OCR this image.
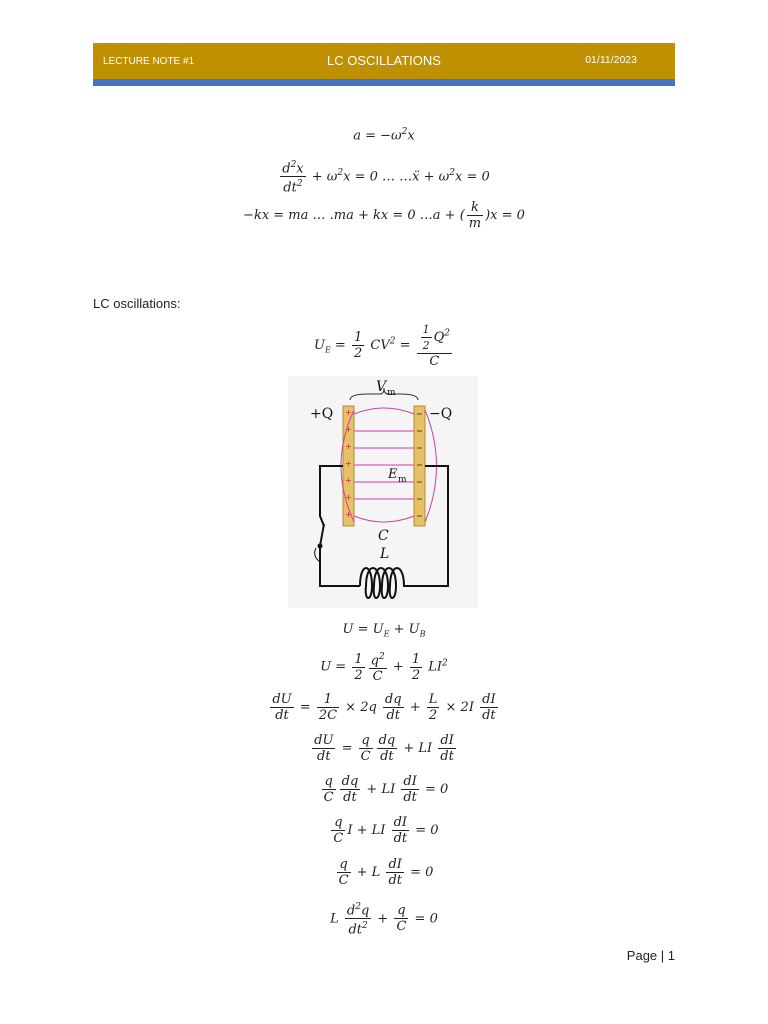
LECTURE NOTE #1	LC OSCILLATIONS	01/11/2023
$a = -\omega^2x$
$\frac{d^2x}{dt^2} + \omega^2x = 0$ … …ẍ + $\omega^2x = 0$
−kx = ma … .ma + kx = 0 …a + ( $\frac{k}{m} )x = 0$
LC oscillations:
$U_E = \frac{1}{2} CV^2 = \frac{\frac{1}{2} Q^2}{C}$
+
+
+
+
+
+
+
V m
+Q	−Q
E m
C
L
$U = U_E + U_B$
$U = \frac{1}{2} \frac{q^2}{C} + \frac{1}{2} LI^2$
$\frac{dU}{dt} = \frac{1}{2C} \times 2q \frac{dq}{dt} + \frac{L}{2} \times 2I \frac{dI}{dt}$
$\frac{dU}{dt} = \frac{q}{C} \frac{dq}{dt}$ + LI $\frac{dI}{dt}$
$\frac{q}{C} \frac{dq}{dt}$ + LI $\frac{dI}{dt} = 0$
$\frac{q}{C}$ I + LI $\frac{dI}{dt} = 0$
$\frac{q}{C} + L \frac{dI}{dt} = 0$
L $\frac{d^2q}{dt^2} + \frac{q}{C} = 0$
Page | 1
